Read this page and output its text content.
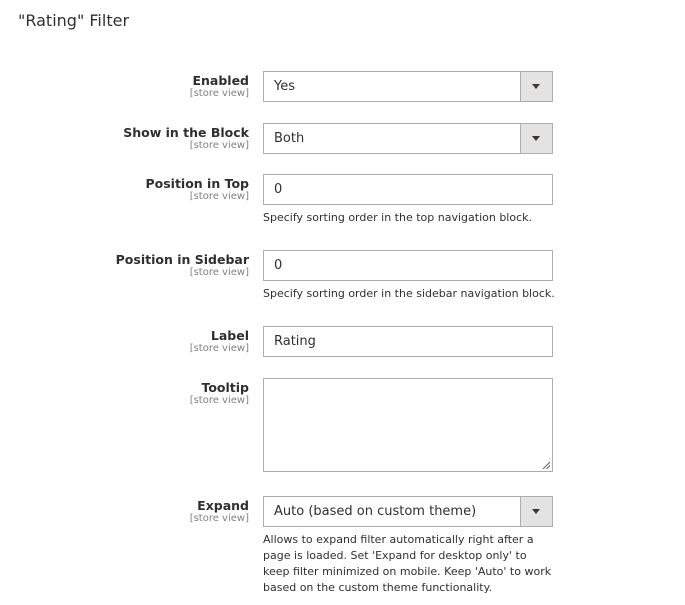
"Rating" Filter
Enabled
[store view] Yes
Show in the Block
[store view] Both
Position in Top
[store view] 0
Specify sorting order in the top navigation block.
Position in Sidebar
[store view] 0
Specify sorting order in the sidebar navigation block.
Label
[store view] Rating
Tooltip
[store view]
Expand
[store view] Auto (based on custom theme)
Allows to expand filter automatically right after a page is loaded. Set 'Expand for desktop only' to keep filter minimized on mobile. Keep 'Auto' to work based on the custom theme functionality.
